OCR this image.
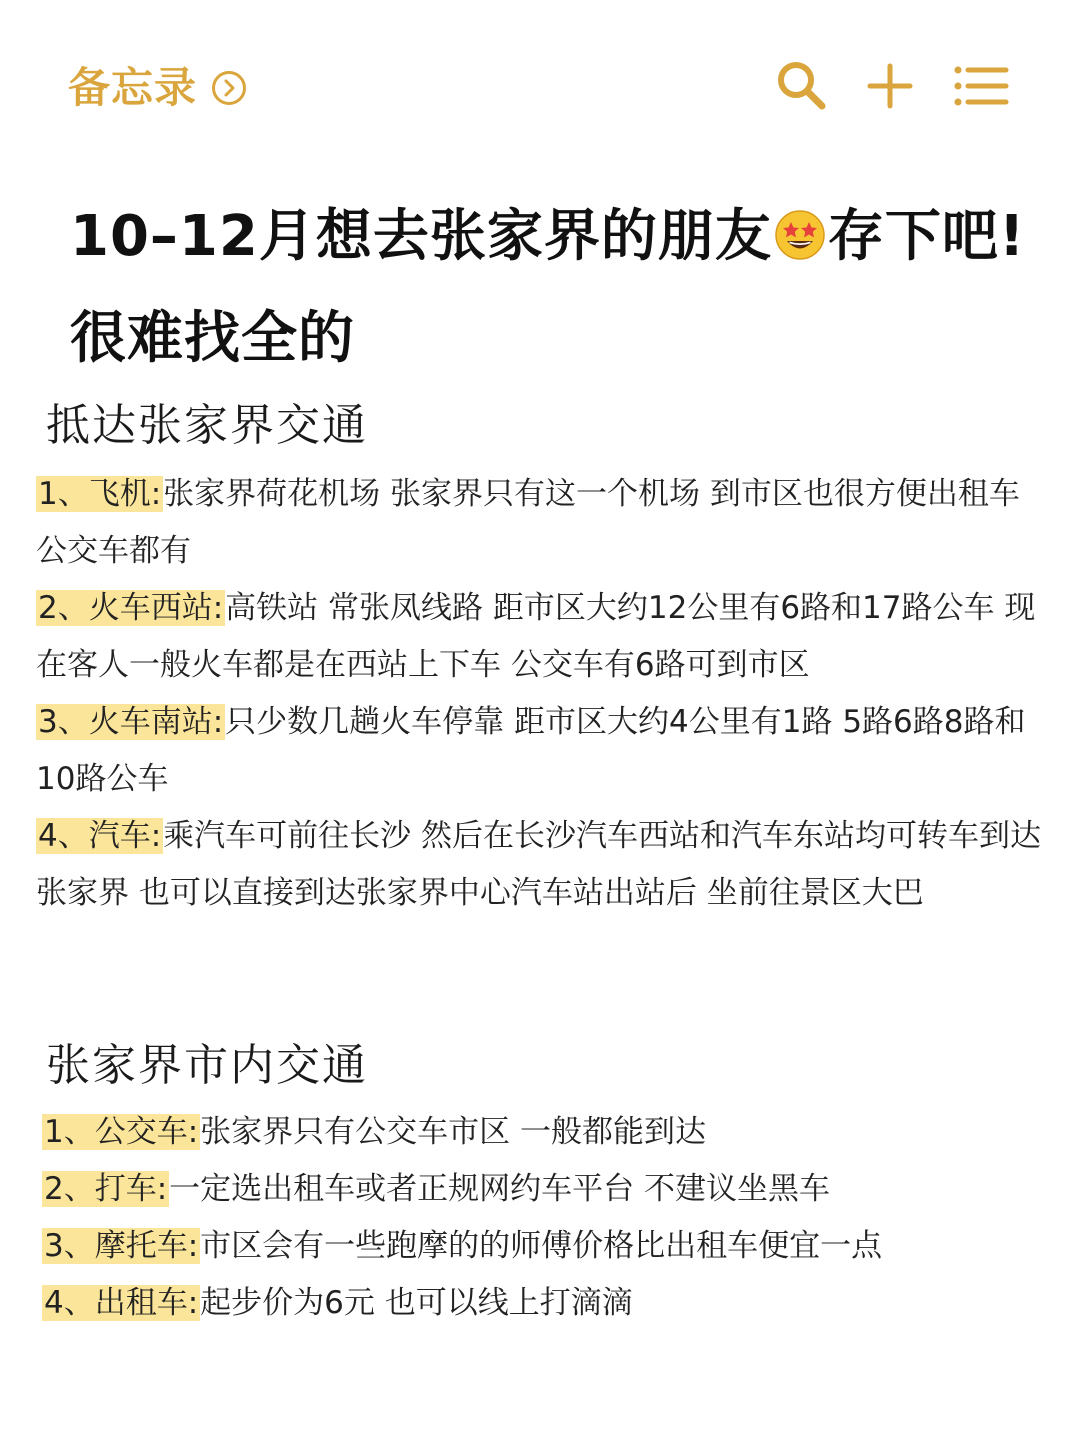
备忘录
10–12月想去张家界的朋友 存下吧!很难找全的
抵达张家界交通
1、飞机:张家界荷花机场 张家界只有这一个机场 到市区也很方便出租车 公交车都有
2、火车西站:高铁站 常张凤线路 距市区大约12公里有6路和17路公车 现在客人一般火车都是在西站上下车 公交车有6路可到市区
3、火车南站:只少数几趟火车停靠 距市区大约4公里有1路 5路6路8路和10路公车
4、汽车:乘汽车可前往长沙 然后在长沙汽车西站和汽车东站均可转车到达张家界 也可以直接到达张家界中心汽车站出站后 坐前往景区大巴
张家界市内交通
1、公交车:张家界只有公交车市区 一般都能到达
2、打车:一定选出租车或者正规网约车平台 不建议坐黑车
3、摩托车:市区会有一些跑摩的的师傅价格比出租车便宜一点
4、出租车:起步价为6元 也可以线上打滴滴
